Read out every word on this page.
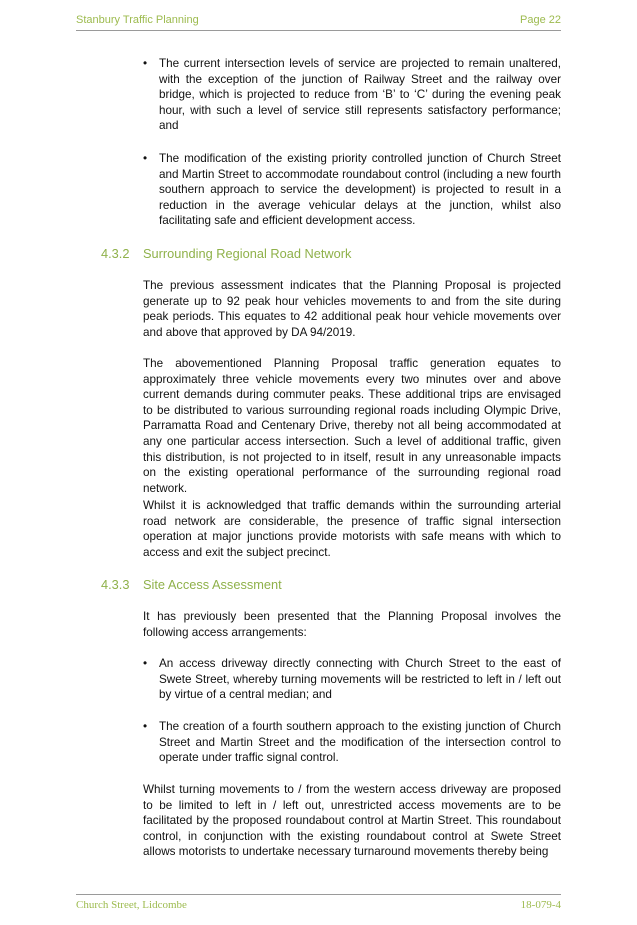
Stanbury Traffic Planning	Page 22
•	The current intersection levels of service are projected to remain unaltered, with the exception of the junction of Railway Street and the railway over bridge, which is projected to reduce from ‘B’ to ‘C’ during the evening peak hour, with such a level of service still represents satisfactory performance; and
•	The modification of the existing priority controlled junction of Church Street and Martin Street to accommodate roundabout control (including a new fourth southern approach to service the development) is projected to result in a reduction in the average vehicular delays at the junction, whilst also facilitating safe and efficient development access.
4.3.2 Surrounding Regional Road Network
The previous assessment indicates that the Planning Proposal is projected generate up to 92 peak hour vehicles movements to and from the site during peak periods. This equates to 42 additional peak hour vehicle movements over and above that approved by DA 94/2019.
The abovementioned Planning Proposal traffic generation equates to approximately three vehicle movements every two minutes over and above current demands during commuter peaks. These additional trips are envisaged to be distributed to various surrounding regional roads including Olympic Drive, Parramatta Road and Centenary Drive, thereby not all being accommodated at any one particular access intersection. Such a level of additional traffic, given this distribution, is not projected to in itself, result in any unreasonable impacts on the existing operational performance of the surrounding regional road network.
Whilst it is acknowledged that traffic demands within the surrounding arterial road network are considerable, the presence of traffic signal intersection operation at major junctions provide motorists with safe means with which to access and exit the subject precinct.
4.3.3 Site Access Assessment
It has previously been presented that the Planning Proposal involves the following access arrangements:
•	An access driveway directly connecting with Church Street to the east of Swete Street, whereby turning movements will be restricted to left in / left out by virtue of a central median; and
•	The creation of a fourth southern approach to the existing junction of Church Street and Martin Street and the modification of the intersection control to operate under traffic signal control.
Whilst turning movements to / from the western access driveway are proposed to be limited to left in / left out, unrestricted access movements are to be facilitated by the proposed roundabout control at Martin Street. This roundabout control, in conjunction with the existing roundabout control at Swete Street allows motorists to undertake necessary turnaround movements thereby being
Church Street, Lidcombe	18-079-4
